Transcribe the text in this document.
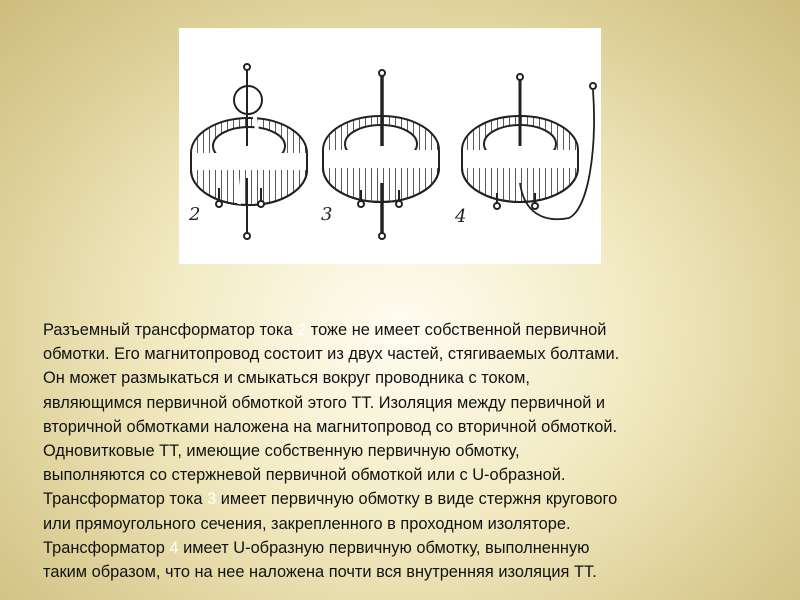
2	3	4
Разъемный трансформатор тока 2 тоже не имеет собственной первичной
обмотки. Его магнитопровод состоит из двух частей, стягиваемых болтами.
Он может размыкаться и смыкаться вокруг проводника с током,
являющимся первичной обмоткой этого ТТ. Изоляция между первичной и
вторичной обмотками наложена на магнитопровод со вторичной обмоткой.
Одновитковые ТТ, имеющие собственную первичную обмотку,
выполняются со стержневой первичной обмоткой или с U-образной.
Трансформатор тока 3 имеет первичную обмотку в виде стержня кругового
или прямоугольного сечения, закрепленного в проходном изоляторе.
Трансформатор 4 имеет U-образную первичную обмотку, выполненную
таким образом, что на нее наложена почти вся внутренняя изоляция ТТ.
